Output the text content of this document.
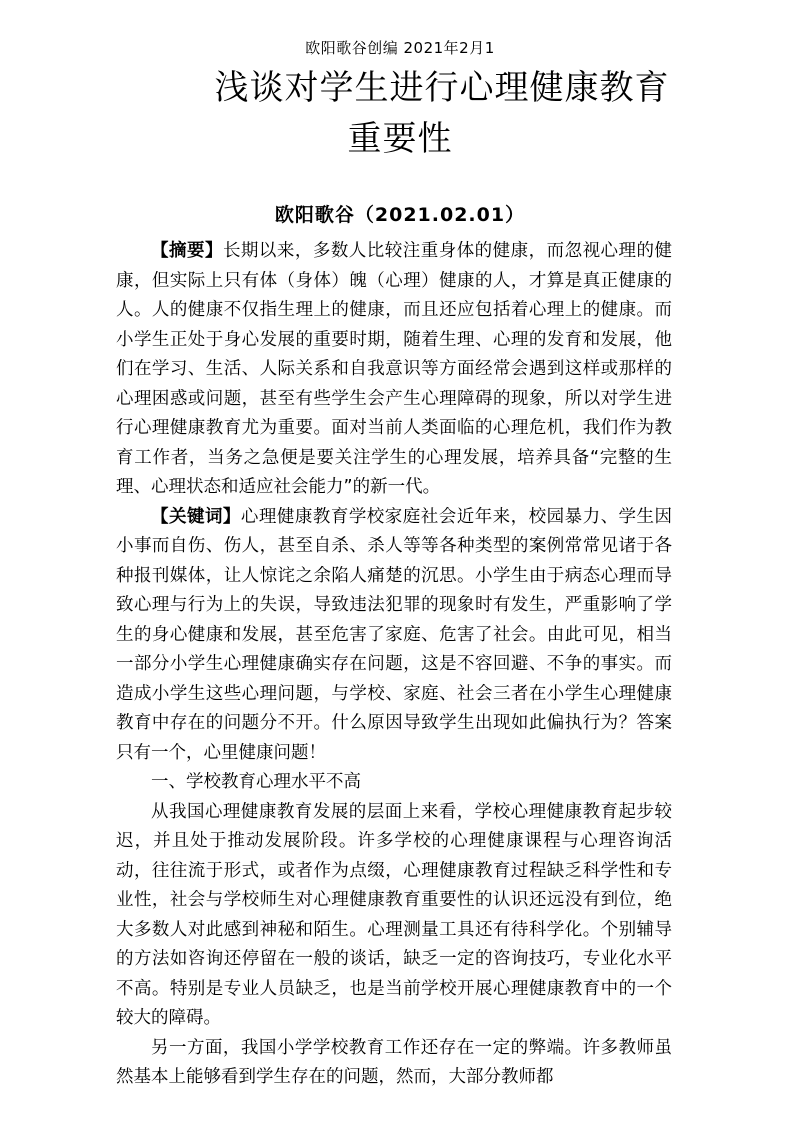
欧阳歌谷创编 2021年2月1
浅谈对学生进行心理健康教育
重要性
欧阳歌谷（2021.02.01）

【摘要】长期以来，多数人比较注重身体的健康，而忽视心理的健康，但实际上只有体（身体）魄（心理）健康的人，才算是真正健康的人。人的健康不仅指生理上的健康，而且还应包括着心理上的健康。而小学生正处于身心发展的重要时期，随着生理、心理的发育和发展，他们在学习、生活、人际关系和自我意识等方面经常会遇到这样或那样的心理困惑或问题，甚至有些学生会产生心理障碍的现象，所以对学生进行心理健康教育尤为重要。面对当前人类面临的心理危机，我们作为教育工作者，当务之急便是要关注学生的心理发展，培养具备“完整的生理、心理状态和适应社会能力”的新一代。

【关键词】心理健康教育学校家庭社会近年来，校园暴力、学生因小事而自伤、伤人，甚至自杀、杀人等等各种类型的案例常常见诸于各种报刊媒体，让人惊诧之余陷人痛楚的沉思。小学生由于病态心理而导致心理与行为上的失误，导致违法犯罪的现象时有发生，严重影响了学生的身心健康和发展，甚至危害了家庭、危害了社会。由此可见，相当一部分小学生心理健康确实存在问题，这是不容回避、不争的事实。而造成小学生这些心理问题，与学校、家庭、社会三者在小学生心理健康教育中存在的问题分不开。什么原因导致学生出现如此偏执行为？答案只有一个，心里健康问题！

一、学校教育心理水平不高

从我国心理健康教育发展的层面上来看，学校心理健康教育起步较迟，并且处于推动发展阶段。许多学校的心理健康课程与心理咨询活动，往往流于形式，或者作为点缀，心理健康教育过程缺乏科学性和专业性，社会与学校师生对心理健康教育重要性的认识还远没有到位，绝大多数人对此感到神秘和陌生。心理测量工具还有待科学化。个别辅导的方法如咨询还停留在一般的谈话，缺乏一定的咨询技巧，专业化水平不高。特别是专业人员缺乏，也是当前学校开展心理健康教育中的一个较大的障碍。

另一方面，我国小学学校教育工作还存在一定的弊端。许多教师虽然基本上能够看到学生存在的问题，然而，大部分教师都
